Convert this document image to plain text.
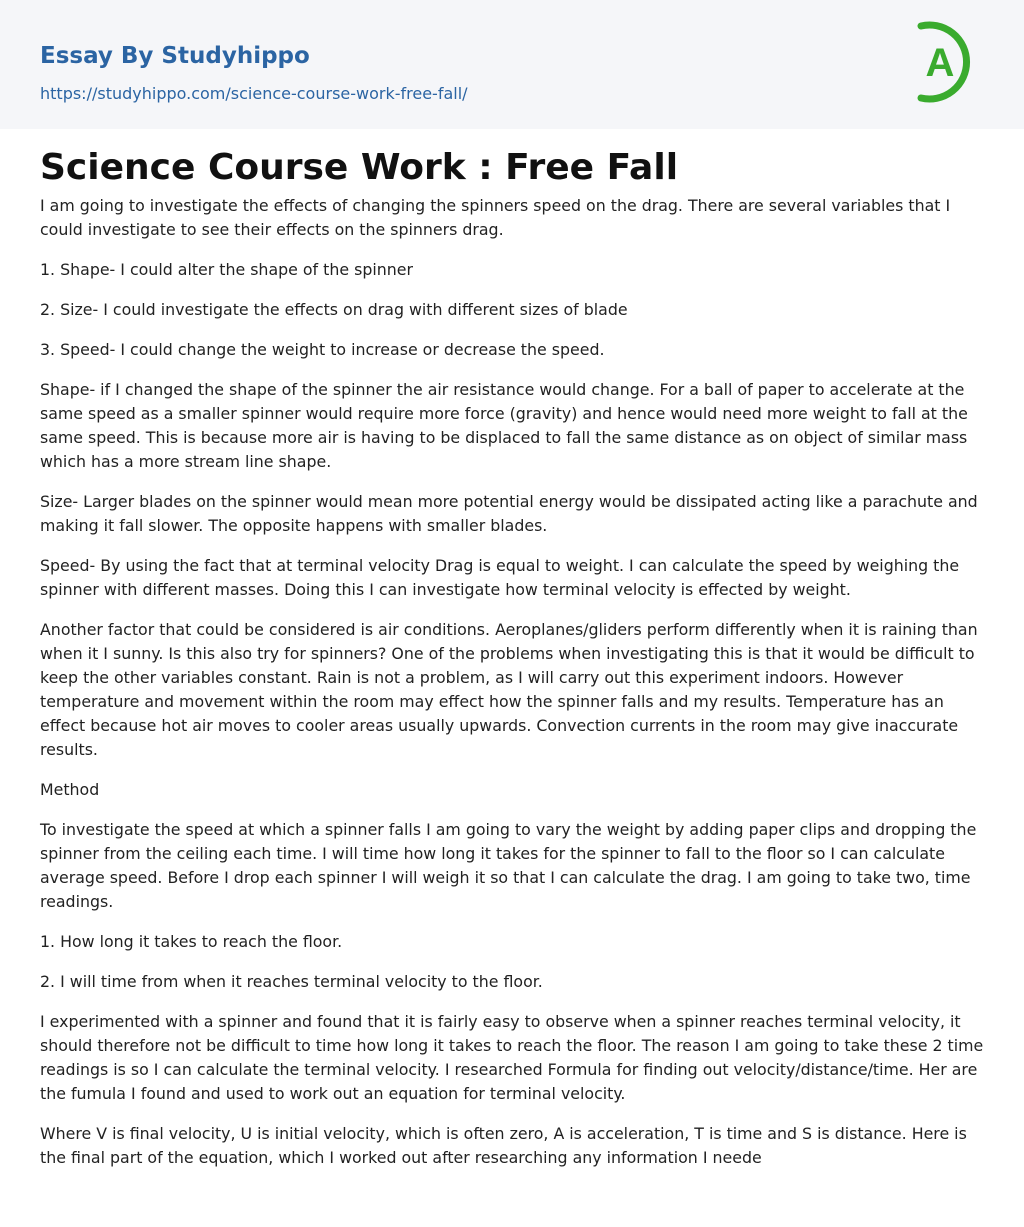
Essay By Studyhippo
https://studyhippo.com/science-course-work-free-fall/
A
Science Course Work : Free Fall

I am going to investigate the effects of changing the spinners speed on the drag. There are several variables that I could investigate to see their effects on the spinners drag.

1. Shape- I could alter the shape of the spinner

2. Size- I could investigate the effects on drag with different sizes of blade

3. Speed- I could change the weight to increase or decrease the speed.

Shape- if I changed the shape of the spinner the air resistance would change. For a ball of paper to accelerate at the same speed as a smaller spinner would require more force (gravity) and hence would need more weight to fall at the same speed. This is because more air is having to be displaced to fall the same distance as on object of similar mass which has a more stream line shape.

Size- Larger blades on the spinner would mean more potential energy would be dissipated acting like a parachute and making it fall slower. The opposite happens with smaller blades.

Speed- By using the fact that at terminal velocity Drag is equal to weight. I can calculate the speed by weighing the spinner with different masses. Doing this I can investigate how terminal velocity is effected by weight.

Another factor that could be considered is air conditions. Aeroplanes/gliders perform differently when it is raining than when it I sunny. Is this also try for spinners? One of the problems when investigating this is that it would be difficult to keep the other variables constant. Rain is not a problem, as I will carry out this experiment indoors. However temperature and movement within the room may effect how the spinner falls and my results. Temperature has an effect because hot air moves to cooler areas usually upwards. Convection currents in the room may give inaccurate results.

Method

To investigate the speed at which a spinner falls I am going to vary the weight by adding paper clips and dropping the spinner from the ceiling each time. I will time how long it takes for the spinner to fall to the floor so I can calculate average speed. Before I drop each spinner I will weigh it so that I can calculate the drag. I am going to take two, time readings.

1. How long it takes to reach the floor.

2. I will time from when it reaches terminal velocity to the floor.

I experimented with a spinner and found that it is fairly easy to observe when a spinner reaches terminal velocity, it should therefore not be difficult to time how long it takes to reach the floor. The reason I am going to take these 2 time readings is so I can calculate the terminal velocity. I researched Formula for finding out velocity/distance/time. Her are the fumula I found and used to work out an equation for terminal velocity.

Where V is final velocity, U is initial velocity, which is often zero, A is acceleration, T is time and S is distance. Here is the final part of the equation, which I worked out after researching any information I neede
